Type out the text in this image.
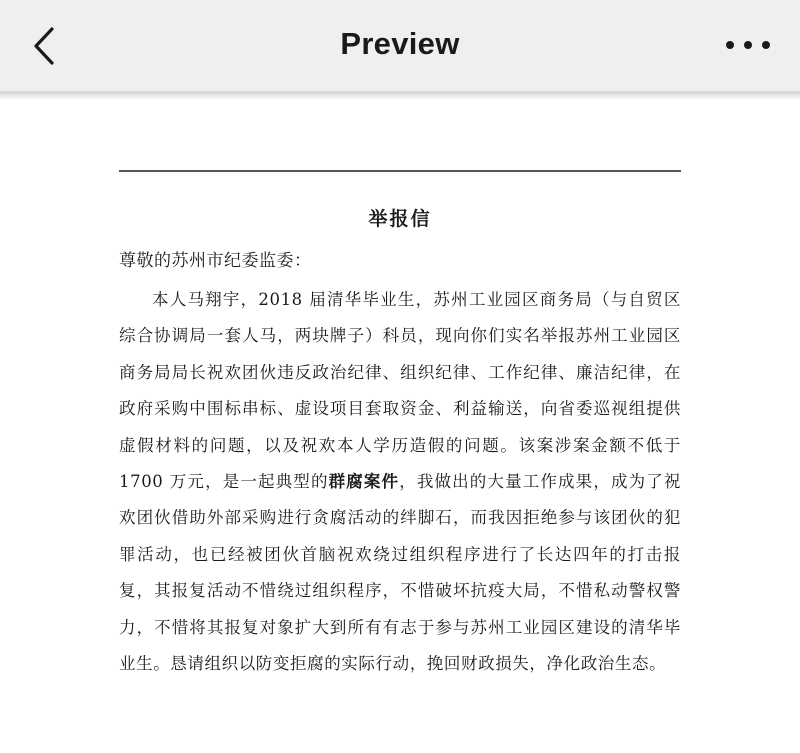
Preview
举报信
尊敬的苏州市纪委监委：

本人马翔宇，2018 届清华毕业生，苏州工业园区商务局（与自贸区综合协调局一套人马，两块牌子）科员，现向你们实名举报苏州工业园区商务局局长祝欢团伙违反政治纪律、组织纪律、工作纪律、廉洁纪律，在政府采购中围标串标、虚设项目套取资金、利益输送，向省委巡视组提供虚假材料的问题，以及祝欢本人学历造假的问题。该案涉案金额不低于 1700 万元，是一起典型的群腐案件，我做出的大量工作成果，成为了祝欢团伙借助外部采购进行贪腐活动的绊脚石，而我因拒绝参与该团伙的犯罪活动，也已经被团伙首脑祝欢绕过组织程序进行了长达四年的打击报复，其报复活动不惜绕过组织程序，不惜破坏抗疫大局，不惜私动警权警力，不惜将其报复对象扩大到所有有志于参与苏州工业园区建设的清华毕业生。恳请组织以防变拒腐的实际行动，挽回财政损失，净化政治生态。
